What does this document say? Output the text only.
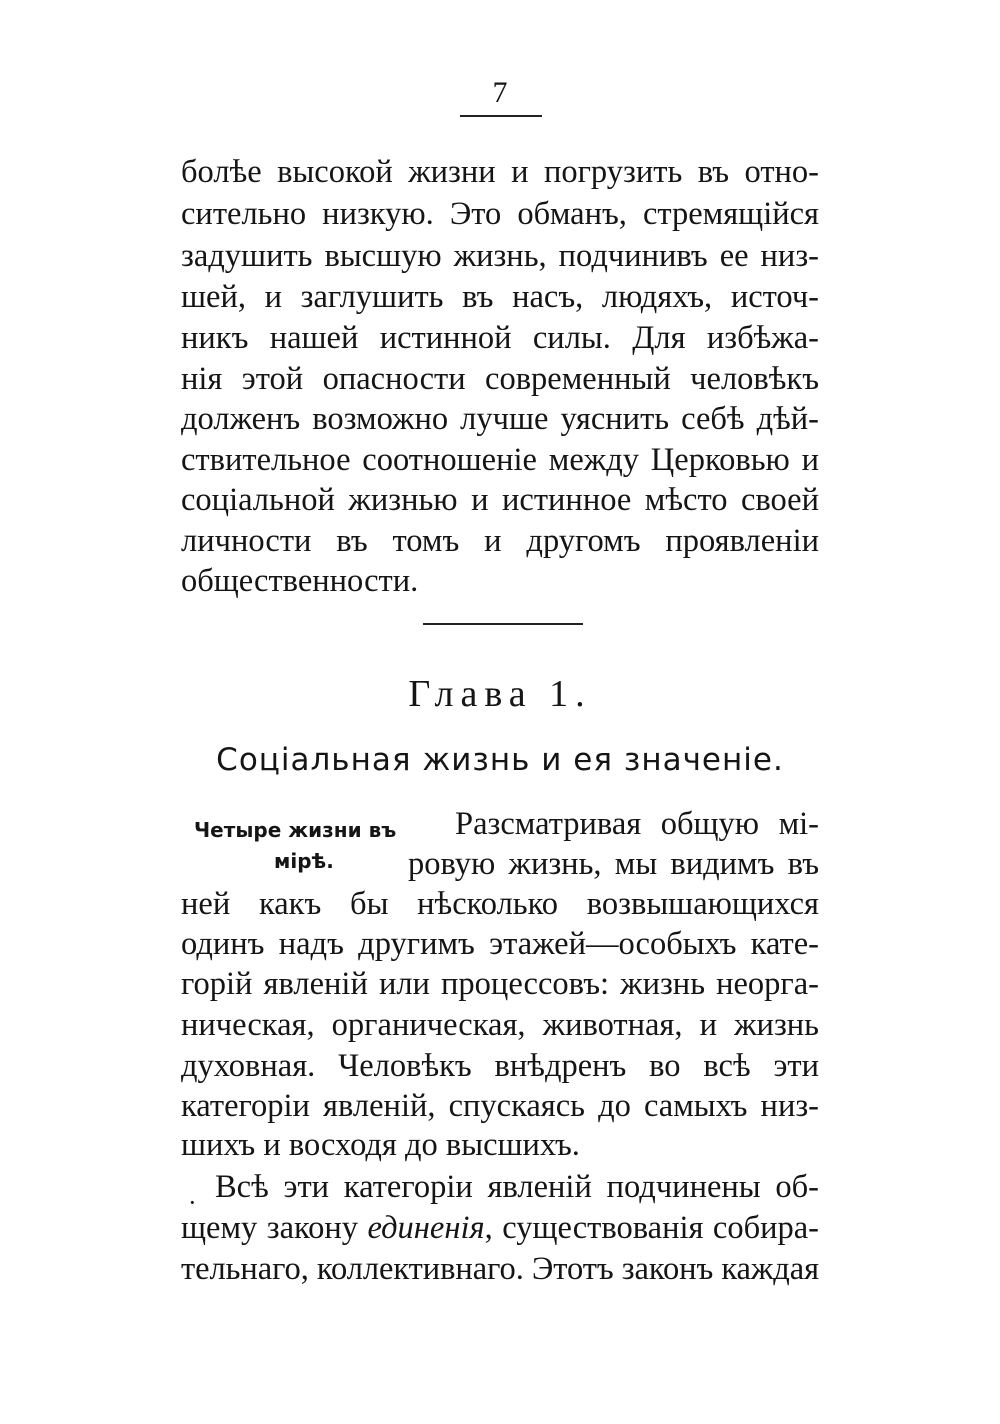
7
болѣе высокой жизни и погрузить въ отно-
сительно низкую. Это обманъ, стремящійся
задушить высшую жизнь, подчинивъ ее низ-
шей, и заглушить въ насъ, людяхъ, источ-
никъ нашей истинной силы. Для избѣжа-
нія этой опасности современный человѣкъ
долженъ возможно лучше уяснить себѣ дѣй-
ствительное соотношеніе между Церковью и
соціальной жизнью и истинное мѣсто своей
личности въ томъ и другомъ проявленіи
общественности.
Глава 1.
Соціальная жизнь и ея значеніе.
Четыре жизни въ
мірѣ.
Разсматривая общую мі-
ровую жизнь, мы видимъ въ
ней какъ бы нѣсколько возвышающихся
одинъ надъ другимъ этажей—особыхъ кате-
горій явленій или процессовъ: жизнь неорга-
ническая, органическая, животная, и жизнь
духовная. Человѣкъ внѣдренъ во всѣ эти
категоріи явленій, спускаясь до самыхъ низ-
шихъ и восходя до высшихъ.
· Всѣ эти категоріи явленій подчинены об-
щему закону единенія, существованія собира-
тельнаго, коллективнаго. Этотъ законъ каждая
